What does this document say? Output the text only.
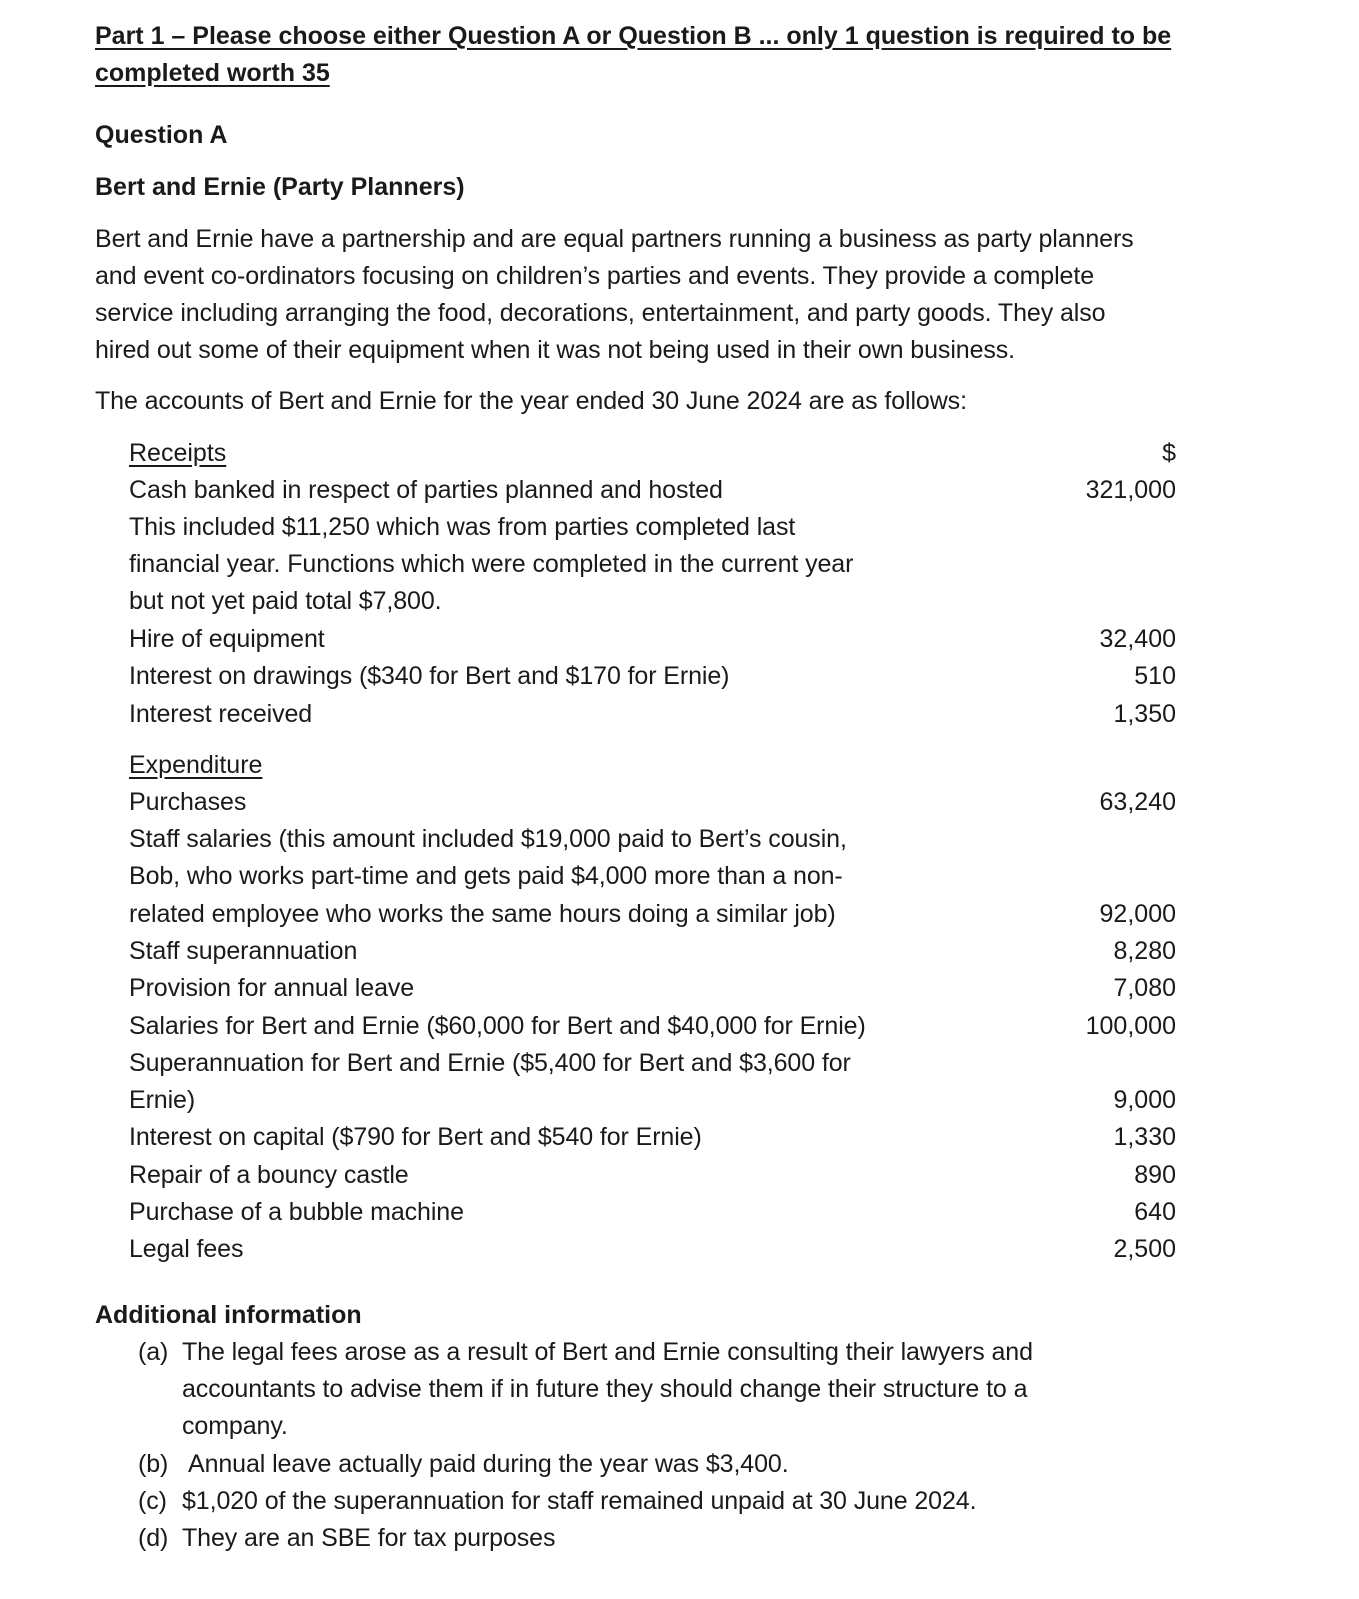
Part 1 – Please choose either Question A or Question B ... only 1 question is required to be
completed worth 35
Question A
Bert and Ernie (Party Planners)
Bert and Ernie have a partnership and are equal partners running a business as party planners
and event co-ordinators focusing on children’s parties and events. They provide a complete
service including arranging the food, decorations, entertainment, and party goods. They also
hired out some of their equipment when it was not being used in their own business.
The accounts of Bert and Ernie for the year ended 30 June 2024 are as follows:
Receipts	$
Cash banked in respect of parties planned and hosted	321,000
This included $11,250 which was from parties completed last
financial year. Functions which were completed in the current year
but not yet paid total $7,800.
Hire of equipment	32,400
Interest on drawings ($340 for Bert and $170 for Ernie)	510
Interest received	1,350
Expenditure
Purchases	63,240
Staff salaries (this amount included $19,000 paid to Bert’s cousin,
Bob, who works part-time and gets paid $4,000 more than a non-
related employee who works the same hours doing a similar job)	92,000
Staff superannuation	8,280
Provision for annual leave	7,080
Salaries for Bert and Ernie ($60,000 for Bert and $40,000 for Ernie)	100,000
Superannuation for Bert and Ernie ($5,400 for Bert and $3,600 for
Ernie)	9,000
Interest on capital ($790 for Bert and $540 for Ernie)	1,330
Repair of a bouncy castle	890
Purchase of a bubble machine	640
Legal fees	2,500
Additional information
(a) The legal fees arose as a result of Bert and Ernie consulting their lawyers and
accountants to advise them if in future they should change their structure to a
company.
(b) Annual leave actually paid during the year was $3,400.
(c) $1,020 of the superannuation for staff remained unpaid at 30 June 2024.
(d) They are an SBE for tax purposes
